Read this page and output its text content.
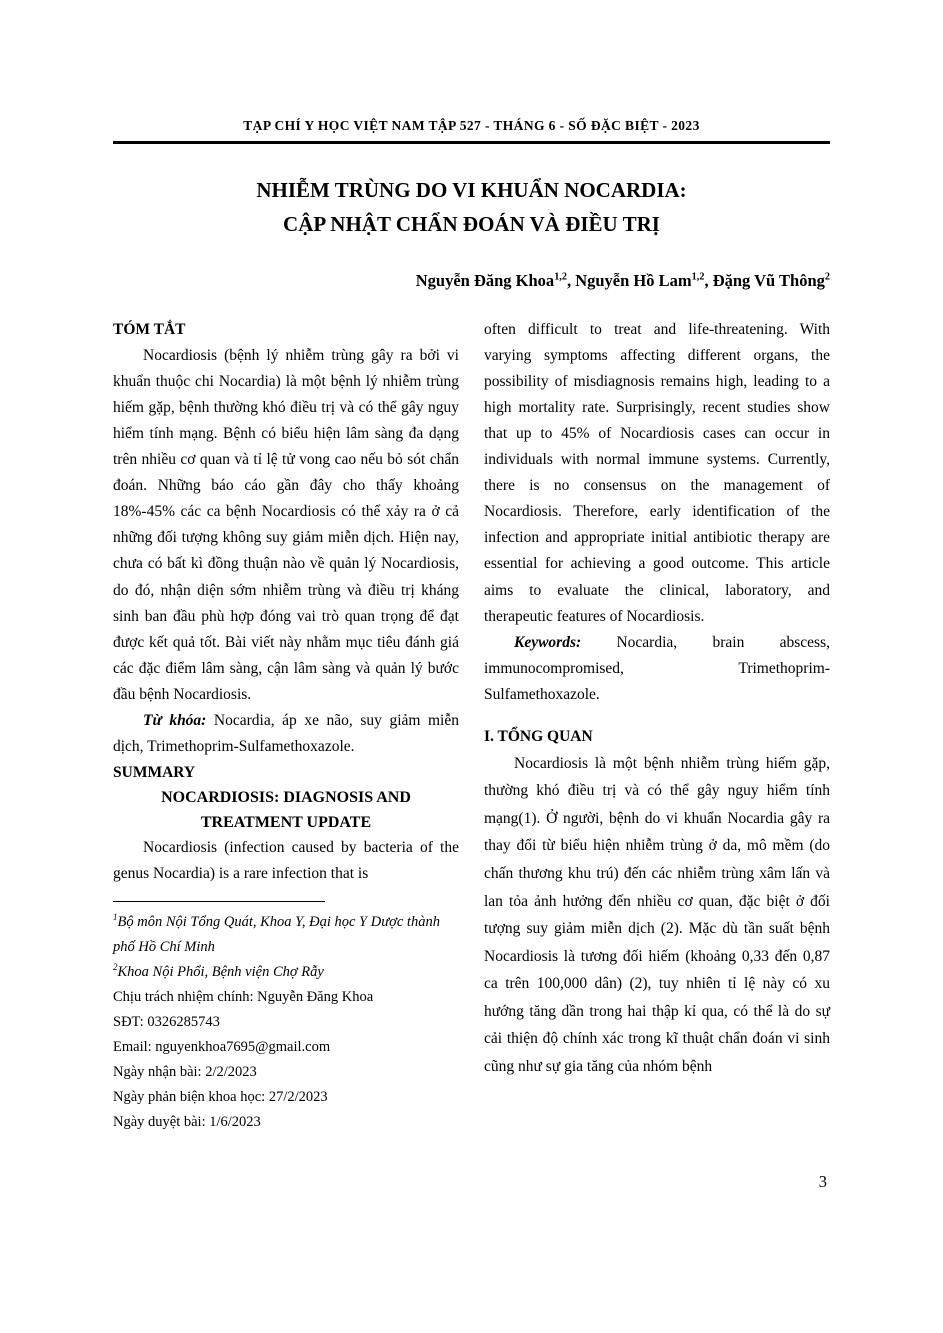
TẠP CHÍ Y HỌC VIỆT NAM TẬP 527 - THÁNG 6 - SỐ ĐẶC BIỆT - 2023
NHIỄM TRÙNG DO VI KHUẨN NOCARDIA:
CẬP NHẬT CHẨN ĐOÁN VÀ ĐIỀU TRỊ

Nguyễn Đăng Khoa$^{1,2}$, Nguyễn Hồ Lam$^{1,2}$, Đặng Vũ Thông$^2$

TÓM TẮT

Nocardiosis (bệnh lý nhiễm trùng gây ra bởi vi khuẩn thuộc chi Nocardia) là một bệnh lý nhiễm trùng hiếm gặp, bệnh thường khó điều trị và có thể gây nguy hiểm tính mạng. Bệnh có biểu hiện lâm sàng đa dạng trên nhiều cơ quan và tỉ lệ tử vong cao nếu bỏ sót chẩn đoán. Những báo cáo gần đây cho thấy khoảng 18%-45% các ca bệnh Nocardiosis có thể xảy ra ở cả những đối tượng không suy giảm miễn dịch. Hiện nay, chưa có bất kì đồng thuận nào về quản lý Nocardiosis, do đó, nhận diện sớm nhiễm trùng và điều trị kháng sinh ban đầu phù hợp đóng vai trò quan trọng để đạt được kết quả tốt. Bài viết này nhằm mục tiêu đánh giá các đặc điểm lâm sàng, cận lâm sàng và quản lý bước đầu bệnh Nocardiosis.

Từ khóa: Nocardia, áp xe não, suy giảm miễn dịch, Trimethoprim-Sulfamethoxazole.

SUMMARY

NOCARDIOSIS: DIAGNOSIS AND TREATMENT UPDATE

Nocardiosis (infection caused by bacteria of the genus Nocardia) is a rare infection that is

$^1$Bộ môn Nội Tổng Quát, Khoa Y, Đại học Y Dược thành phố Hồ Chí Minh

$^2$Khoa Nội Phổi, Bệnh viện Chợ Rẫy

Chịu trách nhiệm chính: Nguyễn Đăng Khoa

SĐT: 0326285743

Email: nguyenkhoa7695@gmail.com

Ngày nhận bài: 2/2/2023

Ngày phản biện khoa học: 27/2/2023

Ngày duyệt bài: 1/6/2023

often difficult to treat and life-threatening. With varying symptoms affecting different organs, the possibility of misdiagnosis remains high, leading to a high mortality rate. Surprisingly, recent studies show that up to 45% of Nocardiosis cases can occur in individuals with normal immune systems. Currently, there is no consensus on the management of Nocardiosis. Therefore, early identification of the infection and appropriate initial antibiotic therapy are essential for achieving a good outcome. This article aims to evaluate the clinical, laboratory, and therapeutic features of Nocardiosis.

Keywords: Nocardia, brain abscess, immunocompromised, Trimethoprim-Sulfamethoxazole.

I. TỔNG QUAN

Nocardiosis là một bệnh nhiễm trùng hiếm gặp, thường khó điều trị và có thể gây nguy hiểm tính mạng(1). Ở người, bệnh do vi khuẩn Nocardia gây ra thay đổi từ biểu hiện nhiễm trùng ở da, mô mềm (do chấn thương khu trú) đến các nhiễm trùng xâm lấn và lan tỏa ảnh hưởng đến nhiều cơ quan, đặc biệt ở đối tượng suy giảm miễn dịch (2). Mặc dù tần suất bệnh Nocardiosis là tương đối hiếm (khoảng 0,33 đến 0,87 ca trên 100,000 dân) (2), tuy nhiên tỉ lệ này có xu hướng tăng dần trong hai thập kỉ qua, có thể là do sự cải thiện độ chính xác trong kĩ thuật chẩn đoán vi sinh cũng như sự gia tăng của nhóm bệnh

3
